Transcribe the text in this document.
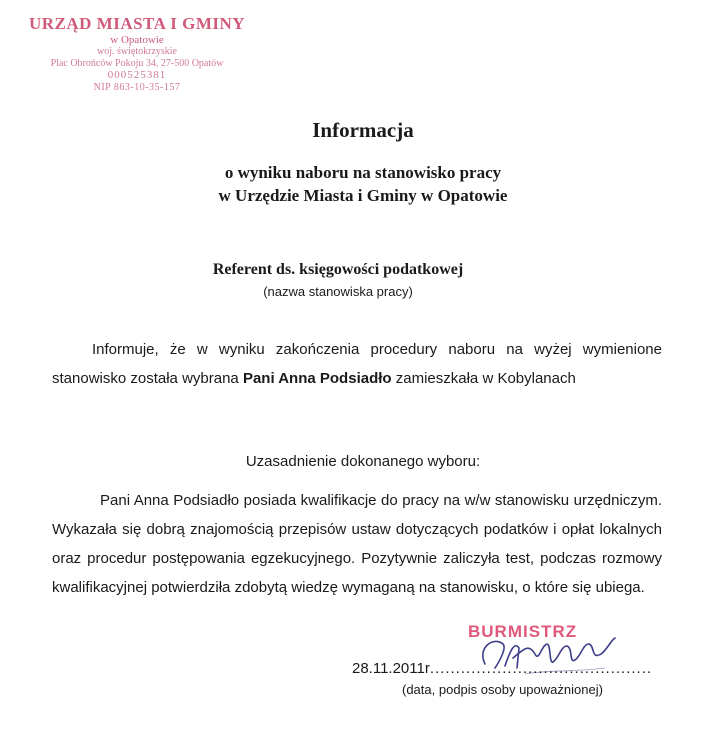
URZĄD MIASTA I GMINY
w Opatowie
woj. świętokrzyskie
Plac Obrońców Pokoju 34, 27-500 Opatów
000525381
NIP 863-10-35-157
Informacja
o wyniku naboru na stanowisko pracy
w Urzędzie Miasta i Gminy w Opatowie
Referent ds. księgowości podatkowej
(nazwa stanowiska pracy)
Informuje, że w wyniku zakończenia procedury naboru na wyżej wymienione
stanowisko została wybrana Pani Anna Podsiadło zamieszkała w Kobylanach
Uzasadnienie dokonanego wyboru:
Pani Anna Podsiadło posiada kwalifikacje do pracy na w/w stanowisku urzędniczym.
Wykazała się dobrą znajomością przepisów ustaw dotyczących podatków i opłat lokalnych
oraz procedur postępowania egzekucyjnego. Pozytywnie zaliczyła test, podczas rozmowy
kwalifikacyjnej potwierdziła zdobytą wiedzę wymaganą na stanowisku, o które się ubiega.
BURMISTRZ
28.11.2011r...........................................
(data, podpis osoby upoważnionej)
